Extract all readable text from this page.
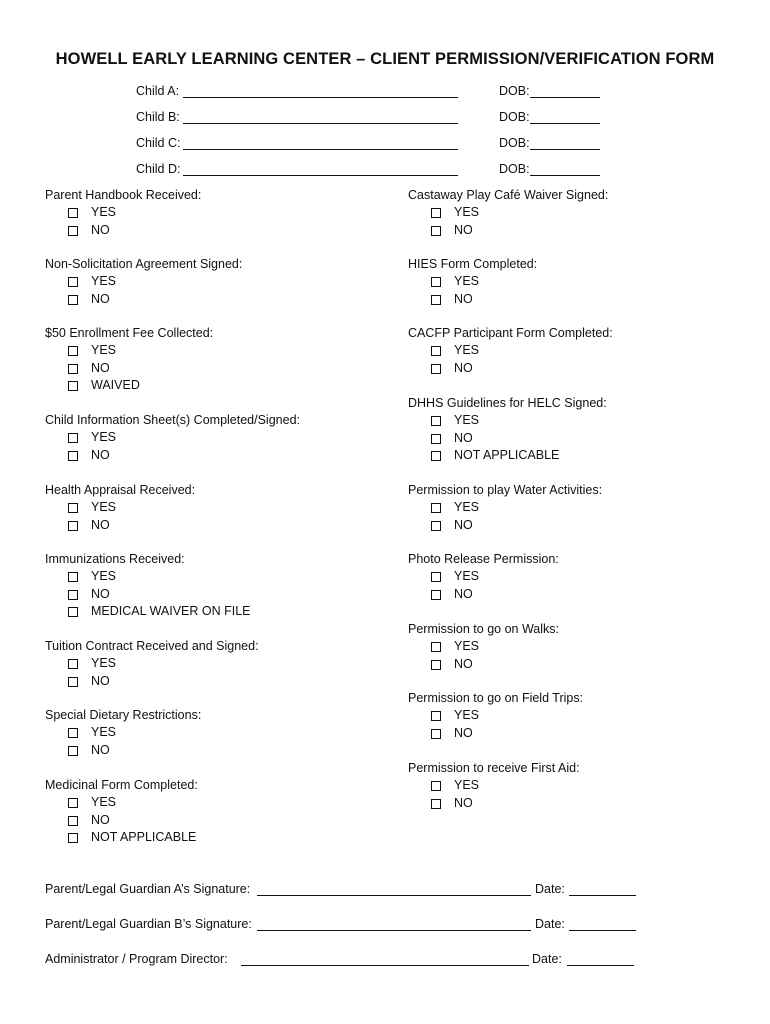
HOWELL EARLY LEARNING CENTER – CLIENT PERMISSION/VERIFICATION FORM
Child A:	DOB:
Child B:	DOB:
Child C:	DOB:
Child D:	DOB:
Parent Handbook Received:
YES
NO
Non-Solicitation Agreement Signed:
YES
NO
$50 Enrollment Fee Collected:
YES
NO
WAIVED
Child Information Sheet(s) Completed/Signed:
YES
NO
Health Appraisal Received:
YES
NO
Immunizations Received:
YES
NO
MEDICAL WAIVER ON FILE
Tuition Contract Received and Signed:
YES
NO
Special Dietary Restrictions:
YES
NO
Medicinal Form Completed:
YES
NO
NOT APPLICABLE
Castaway Play Café Waiver Signed:
YES
NO
HIES Form Completed:
YES
NO
CACFP Participant Form Completed:
YES
NO
DHHS Guidelines for HELC Signed:
YES
NO
NOT APPLICABLE
Permission to play Water Activities:
YES
NO
Photo Release Permission:
YES
NO
Permission to go on Walks:
YES
NO
Permission to go on Field Trips:
YES
NO
Permission to receive First Aid:
YES
NO
Parent/Legal Guardian A’s Signature:	Date:
Parent/Legal Guardian B’s Signature:	Date:
Administrator / Program Director:	Date:
